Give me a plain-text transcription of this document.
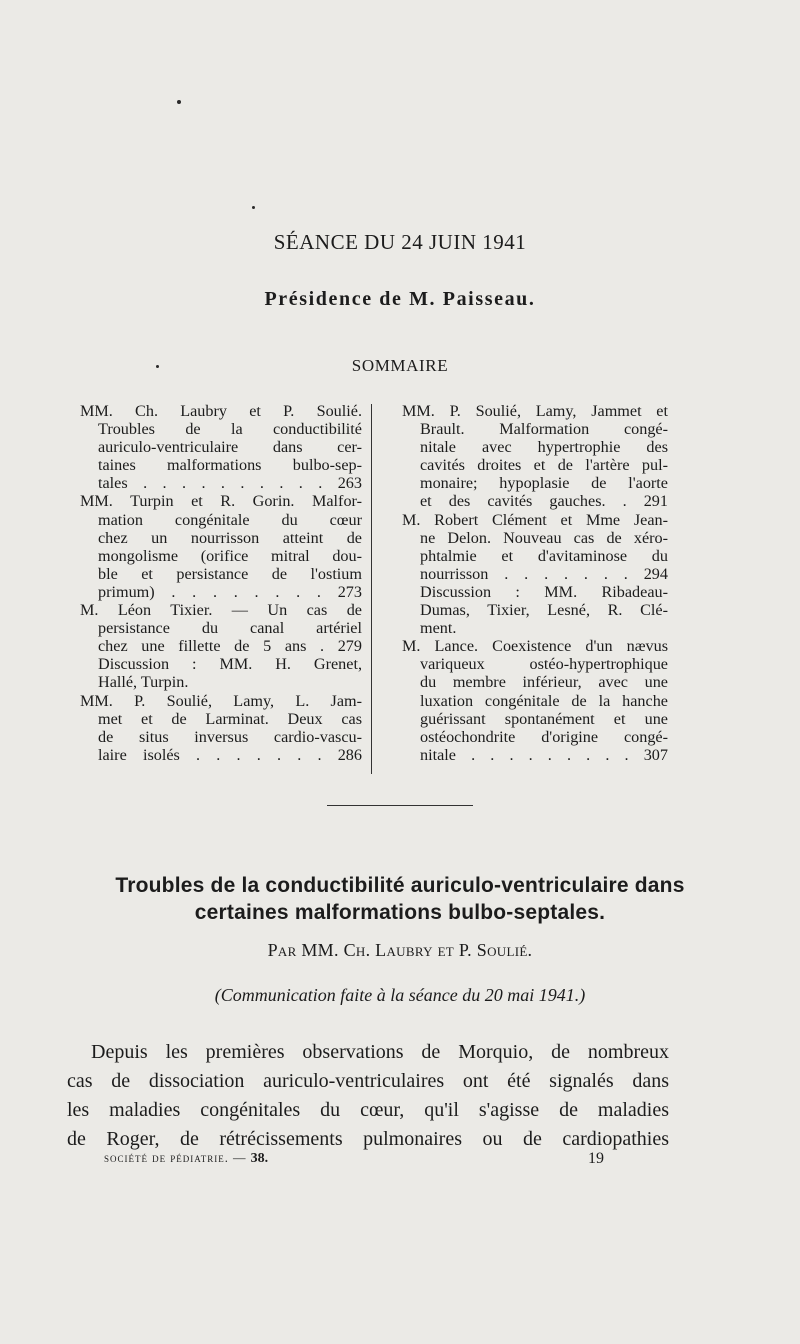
SÉANCE DU 24 JUIN 1941
Présidence de M. Paisseau.
SOMMAIRE
MM. Ch. Laubry et P. Soulié.
Troubles de la conductibilité
auriculo-ventriculaire dans cer-
taines malformations bulbo-sep-
tales . . . . . . . . . . 263
MM. Turpin et R. Gorin. Malfor-
mation congénitale du cœur
chez un nourrisson atteint de
mongolisme (orifice mitral dou-
ble et persistance de l'ostium
primum) . . . . . . . . 273
M. Léon Tixier. — Un cas de
persistance du canal artériel
chez une fillette de 5 ans . 279
Discussion : MM. H. Grenet,
Hallé, Turpin.
MM. P. Soulié, Lamy, L. Jam-
met et de Larminat. Deux cas
de situs inversus cardio-vascu-
laire isolés . . . . . . . 286
MM. P. Soulié, Lamy, Jammet et
Brault. Malformation congé-
nitale avec hypertrophie des
cavités droites et de l'artère pul-
monaire; hypoplasie de l'aorte
et des cavités gauches. . 291
M. Robert Clément et Mme Jean-
ne Delon. Nouveau cas de xéro-
phtalmie et d'avitaminose du
nourrisson . . . . . . . 294
Discussion : MM. Ribadeau-
Dumas, Tixier, Lesné, R. Clé-
ment.
M. Lance. Coexistence d'un nævus
variqueux ostéo-hypertrophique
du membre inférieur, avec une
luxation congénitale de la hanche
guérissant spontanément et une
ostéochondrite d'origine congé-
nitale . . . . . . . . . 307
Troubles de la conductibilité auriculo-ventriculaire dans
certaines malformations bulbo-septales.
Par MM. Ch. Laubry et P. Soulié.
(Communication faite à la séance du 20 mai 1941.)
Depuis les premières observations de Morquio, de nombreux
cas de dissociation auriculo-ventriculaires ont été signalés dans
les maladies congénitales du cœur, qu'il s'agisse de maladies
de Roger, de rétrécissements pulmonaires ou de cardiopathies
société de pédiatrie. — 38.	19
